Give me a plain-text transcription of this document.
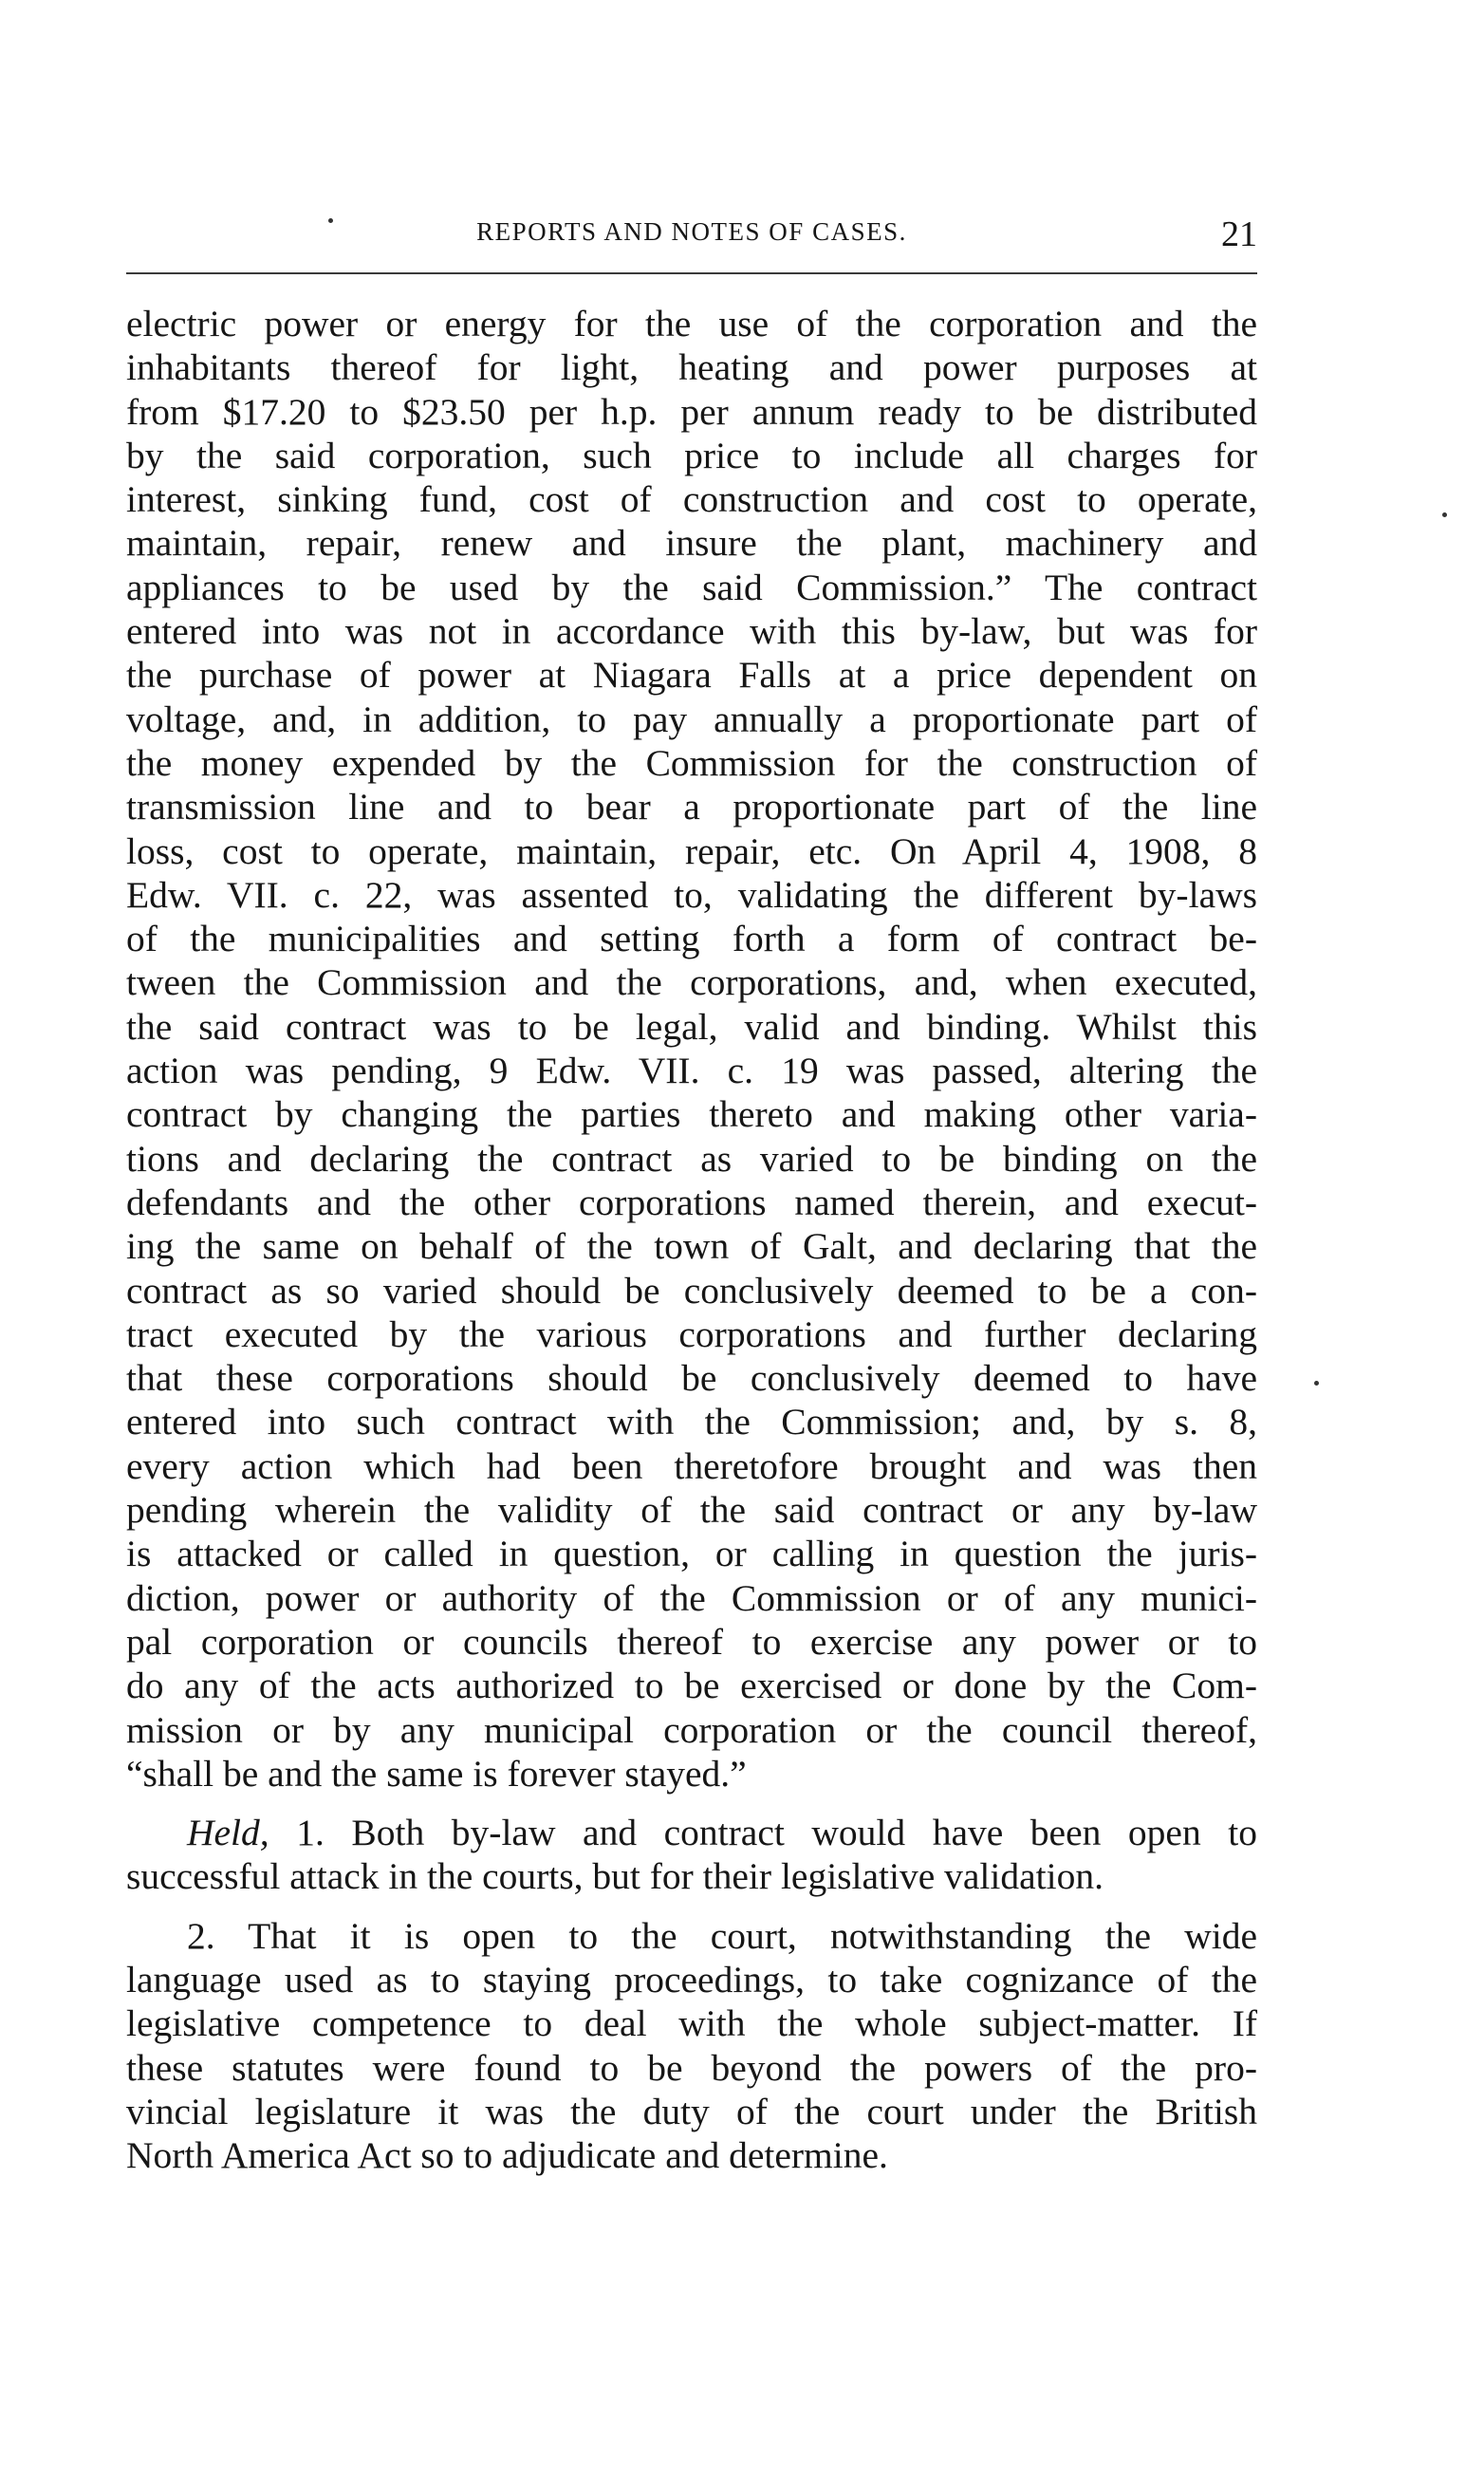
REPORTS AND NOTES OF CASES.	21
electric power or energy for the use of the corporation and the
inhabitants thereof for light, heating and power purposes at
from $17.20 to $23.50 per h.p. per annum ready to be distributed
by the said corporation, such price to include all charges for
interest, sinking fund, cost of construction and cost to operate,
maintain, repair, renew and insure the plant, machinery and
appliances to be used by the said Commission.” The contract
entered into was not in accordance with this by-law, but was for
the purchase of power at Niagara Falls at a price dependent on
voltage, and, in addition, to pay annually a proportionate part of
the money expended by the Commission for the construction of
transmission line and to bear a proportionate part of the line
loss, cost to operate, maintain, repair, etc. On April 4, 1908, 8
Edw. VII. c. 22, was assented to, validating the different by-laws
of the municipalities and setting forth a form of contract be-
tween the Commission and the corporations, and, when executed,
the said contract was to be legal, valid and binding. Whilst this
action was pending, 9 Edw. VII. c. 19 was passed, altering the
contract by changing the parties thereto and making other varia-
tions and declaring the contract as varied to be binding on the
defendants and the other corporations named therein, and execut-
ing the same on behalf of the town of Galt, and declaring that the
contract as so varied should be conclusively deemed to be a con-
tract executed by the various corporations and further declaring
that these corporations should be conclusively deemed to have
entered into such contract with the Commission; and, by s. 8,
every action which had been theretofore brought and was then
pending wherein the validity of the said contract or any by-law
is attacked or called in question, or calling in question the juris-
diction, power or authority of the Commission or of any munici-
pal corporation or councils thereof to exercise any power or to
do any of the acts authorized to be exercised or done by the Com-
mission or by any municipal corporation or the council thereof,
“shall be and the same is forever stayed.”
Held, 1. Both by-law and contract would have been open to
successful attack in the courts, but for their legislative validation.
2. That it is open to the court, notwithstanding the wide
language used as to staying proceedings, to take cognizance of the
legislative competence to deal with the whole subject-matter. If
these statutes were found to be beyond the powers of the pro-
vincial legislature it was the duty of the court under the British
North America Act so to adjudicate and determine.
